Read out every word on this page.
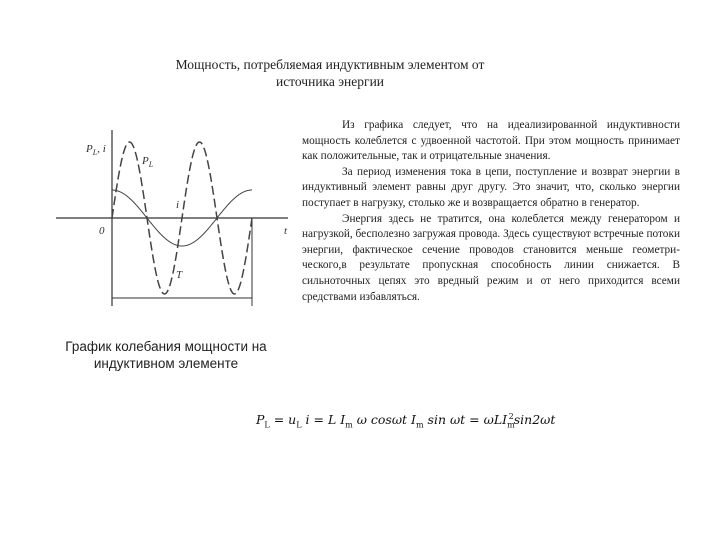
Мощность, потребляемая индуктивным элементом от
источника энергии
$P_L$, i
$P_L$
i
0	t
T
График колебания мощности на
индуктивном элементе

Из графика следует, что на идеализированной индуктивности мощность колеблется с удвоенной частотой. При этом мощность принимает как положительные, так и отрицательные значения.

За период изменения тока в цепи, поступление и возврат энергии в индуктивный элемент равны друг другу. Это значит, что, сколько энергии поступает в нагрузку, столько же и возвращается обратно в генератор.

Энергия здесь не тратится, она колеблется между генератором и нагрузкой, бесполезно загружая провода. Здесь существуют встречные потоки энергии, фактическое сечение проводов становится меньше геометри-ческого,в результате пропускная способность линии снижается. В сильноточных цепях это вредный режим и от него приходится всеми средствами избавляться.

$P_L = u_L$ i = L $I_m$ ω cosωt $I_m$ sin ωt = ωLI$_m^2$sin2ωt
